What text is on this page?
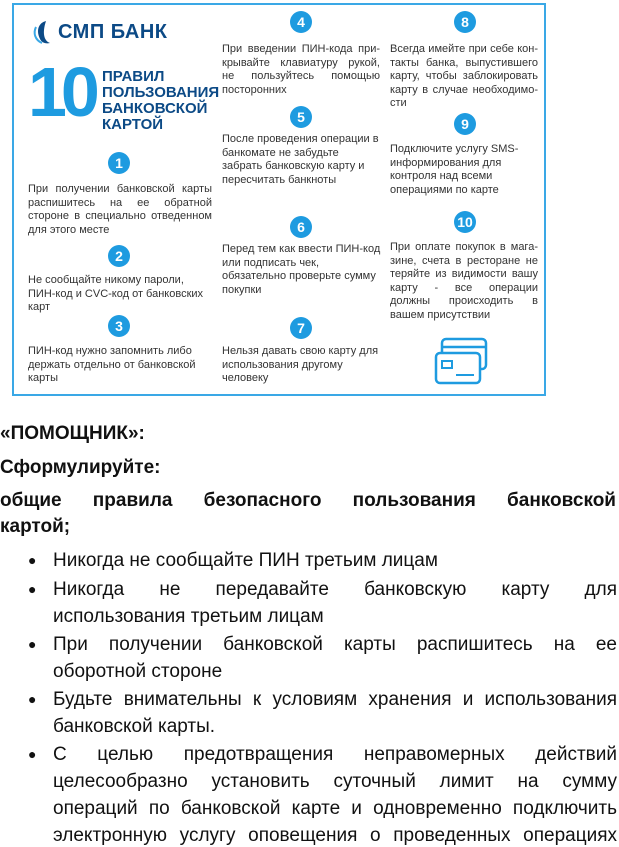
СМП БАНК
10 ПРАВИЛ
ПОЛЬЗОВАНИЯ
БАНКОВСКОЙ
КАРТОЙ
1
При получении банковской карты распишитесь на ее обратной стороне в специально отведенном для этого месте
2
Не сообщайте никому пароли, ПИН-код и CVC-код от банковских карт
3
ПИН-код нужно запомнить либо держать отдельно от банковской карты
4
При введении ПИН-кода при-крывайте клавиатуру рукой, не пользуйтесь помощью посторонних
5
После проведения операции в банкомате не забудьте забрать банковскую карту и пересчитать банкноты
6
Перед тем как ввести ПИН-код или подписать чек, обязательно проверьте сумму покупки
7
Нельзя давать свою карту для использования другому человеку
8
Всегда имейте при себе кон-такты банка, выпустившего карту, чтобы заблокировать карту в случае необходимо-сти
9
Подключите услугу SMS- информирования для контроля над всеми операциями по карте
10
При оплате покупок в мага-зине, счета в ресторане не теряйте из видимости вашу карту - все операции должны происходить в вашем присутствии
«ПОМОЩНИК»:
Сформулируйте:
общие правила безопасного пользования банковской
картой;
● Никогда не сообщайте ПИН третьим лицам
● Никогда не передавайте банковскую карту для
использования третьим лицам
● При получении банковской карты распишитесь на ее
оборотной стороне
● Будьте внимательны к условиям хранения и использования
банковской карты.
● С целью предотвращения неправомерных действий
целесообразно установить суточный лимит на сумму
операций по банковской карте и одновременно подключить
электронную услугу оповещения о проведенных операциях
